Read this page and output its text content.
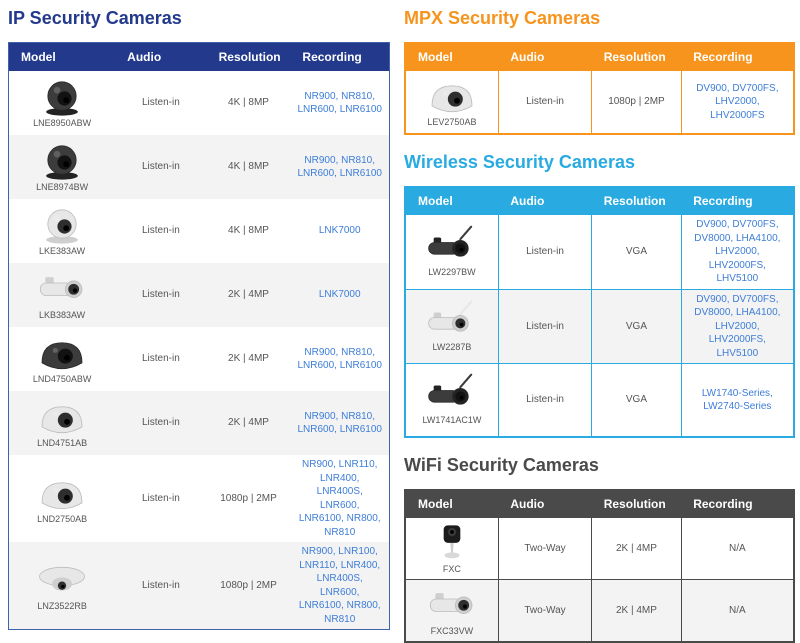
IP Security Cameras
Model	Audio	Resolution	Recording

LNE8950ABW	Listen-in	4K | 8MP	NR900, NR810, LNR600, LNR6100

LNE8974BW	Listen-in	4K | 8MP	NR900, NR810, LNR600, LNR6100

LKE383AW	Listen-in	4K | 8MP	LNK7000

LKB383AW	Listen-in	2K | 4MP	LNK7000

LND4750ABW	Listen-in	2K | 4MP	NR900, NR810, LNR600, LNR6100

LND4751AB	Listen-in	2K | 4MP	NR900, NR810, LNR600, LNR6100

LND2750AB	Listen-in	1080p | 2MP	NR900, LNR110, LNR400, LNR400S, LNR600, LNR6100, NR800, NR810

LNZ3522RB	Listen-in	1080p | 2MP	NR900, LNR100, LNR110, LNR400, LNR400S, LNR600, LNR6100, NR800, NR810
MPX Security Cameras
Model	Audio	Resolution	Recording

LEV2750AB	Listen-in	1080p | 2MP	DV900, DV700FS, LHV2000, LHV2000FS
Wireless Security Cameras
Model	Audio	Resolution	Recording

LW2297BW	Listen-in	VGA	DV900, DV700FS, DV8000, LHA4100, LHV2000, LHV2000FS, LHV5100

LW2287B	Listen-in	VGA	DV900, DV700FS, DV8000, LHA4100, LHV2000, LHV2000FS, LHV5100

LW1741AC1W	Listen-in	VGA	LW1740-Series, LW2740-Series
WiFi Security Cameras
Model	Audio	Resolution	Recording

FXC	Two-Way	2K | 4MP	N/A

FXC33VW	Two-Way	2K | 4MP	N/A
